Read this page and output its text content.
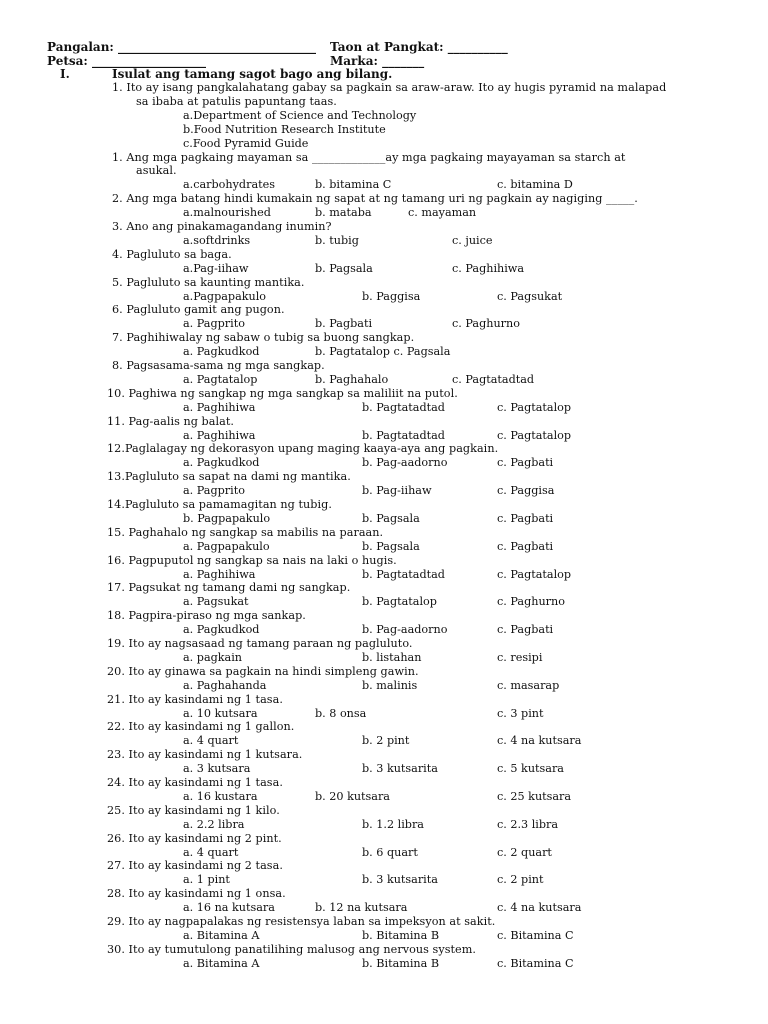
Pangalan: _________________________________ Taon at Pangkat: __________
Petsa: ___________________	Marka: _______
I.	Isulat ang tamang sagot bago ang bilang.
1. Ito ay isang pangkalahatang gabay sa pagkain sa araw-araw. Ito ay hugis pyramid na malapad
sa ibaba at patulis papuntang taas.
a.Department of Science and Technology
b.Food Nutrition Research Institute
c.Food Pyramid Guide
1. Ang mga pagkaing mayaman sa _____________ay mga pagkaing mayayaman sa starch at
asukal.
a.carbohydrates	b. bitamina C	c. bitamina D
2. Ang mga batang hindi kumakain ng sapat at ng tamang uri ng pagkain ay nagiging _____.
a.malnourished	b. mataba	c. mayaman
3. Ano ang pinakamagandang inumin?
a.softdrinks	b. tubig	c. juice
4. Pagluluto sa baga.
a.Pag-iihaw	b. Pagsala	c. Paghihiwa
5. Pagluluto sa kaunting mantika.
a.Pagpapakulo	b. Paggisa	c. Pagsukat
6. Pagluluto gamit ang pugon.
a. Pagprito	b. Pagbati	c. Paghurno
7. Paghihiwalay ng sabaw o tubig sa buong sangkap.
a. Pagkudkod	b. Pagtatalop c. Pagsala
8. Pagsasama-sama ng mga sangkap.
a. Pagtatalop	b. Paghahalo	c. Pagtatadtad
10. Paghiwa ng sangkap ng mga sangkap sa maliliit na putol.
a. Paghihiwa	b. Pagtatadtad	c. Pagtatalop
11. Pag-aalis ng balat.
a. Paghihiwa	b. Pagtatadtad	c. Pagtatalop
12.Paglalagay ng dekorasyon upang maging kaaya-aya ang pagkain.
a. Pagkudkod	b. Pag-aadorno	c. Pagbati
13.Pagluluto sa sapat na dami ng mantika.
a. Pagprito	b. Pag-iihaw	c. Paggisa
14.Pagluluto sa pamamagitan ng tubig.
b. Pagpapakulo	b. Pagsala	c. Pagbati
15. Paghahalo ng sangkap sa mabilis na paraan.
a. Pagpapakulo	b. Pagsala	c. Pagbati
16. Pagpuputol ng sangkap sa nais na laki o hugis.
a. Paghihiwa	b. Pagtatadtad	c. Pagtatalop
17. Pagsukat ng tamang dami ng sangkap.
a. Pagsukat	b. Pagtatalop	c. Paghurno
18. Pagpira-piraso ng mga sankap.
a. Pagkudkod	b. Pag-aadorno	c. Pagbati
19. Ito ay nagsasaad ng tamang paraan ng pagluluto.
a. pagkain	b. listahan	c. resipi
20. Ito ay ginawa sa pagkain na hindi simpleng gawin.
a. Paghahanda	b. malinis	c. masarap
21. Ito ay kasindami ng 1 tasa.
a. 10 kutsara	b. 8 onsa	c. 3 pint
22. Ito ay kasindami ng 1 gallon.
a. 4 quart	b. 2 pint	c. 4 na kutsara
23. Ito ay kasindami ng 1 kutsara.
a. 3 kutsara	b. 3 kutsarita	c. 5 kutsara
24. Ito ay kasindami ng 1 tasa.
a. 16 kustara	b. 20 kutsara	c. 25 kutsara
25. Ito ay kasindami ng 1 kilo.
a. 2.2 libra	b. 1.2 libra	c. 2.3 libra
26. Ito ay kasindami ng 2 pint.
a. 4 quart	b. 6 quart	c. 2 quart
27. Ito ay kasindami ng 2 tasa.
a. 1 pint	b. 3 kutsarita	c. 2 pint
28. Ito ay kasindami ng 1 onsa.
a. 16 na kutsara	b. 12 na kutsara	c. 4 na kutsara
29. Ito ay nagpapalakas ng resistensya laban sa impeksyon at sakit.
a. Bitamina A	b. Bitamina B	c. Bitamina C
30. Ito ay tumutulong panatilihing malusog ang nervous system.
a. Bitamina A	b. Bitamina B	c. Bitamina C
